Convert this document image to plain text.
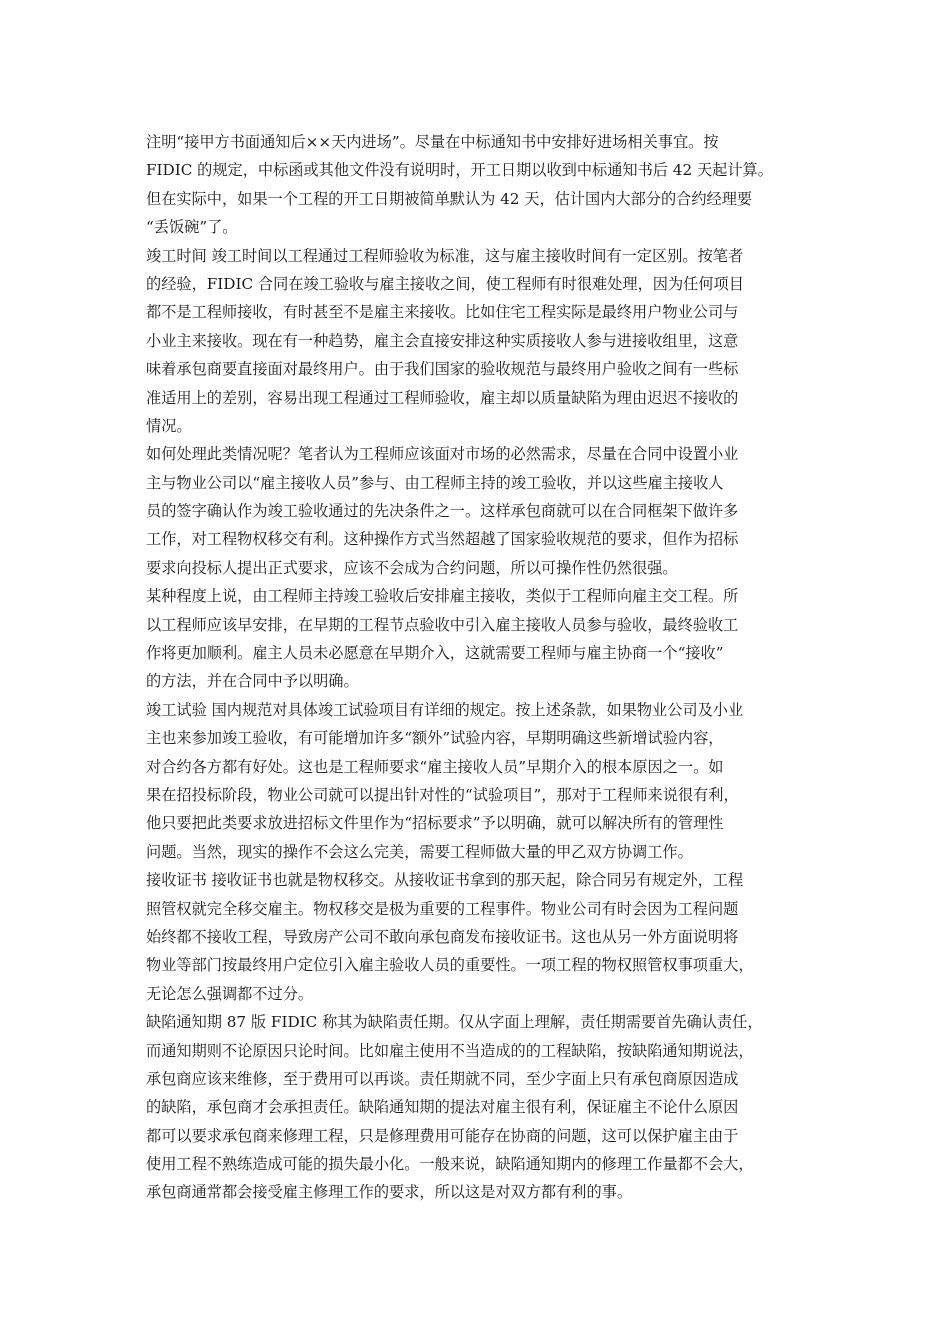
注明“接甲方书面通知后××天内进场”。尽量在中标通知书中安排好进场相关事宜。按
FIDIC 的规定，中标函或其他文件没有说明时，开工日期以收到中标通知书后 42 天起计算。
但在实际中，如果一个工程的开工日期被简单默认为 42 天，估计国内大部分的合约经理要
“丢饭碗”了。
竣工时间 竣工时间以工程通过工程师验收为标准，这与雇主接收时间有一定区别。按笔者
的经验，FIDIC 合同在竣工验收与雇主接收之间，使工程师有时很难处理，因为任何项目
都不是工程师接收，有时甚至不是雇主来接收。比如住宅工程实际是最终用户物业公司与
小业主来接收。现在有一种趋势，雇主会直接安排这种实质接收人参与进接收组里，这意
味着承包商要直接面对最终用户。由于我们国家的验收规范与最终用户验收之间有一些标
准适用上的差别，容易出现工程通过工程师验收，雇主却以质量缺陷为理由迟迟不接收的
情况。
如何处理此类情况呢？笔者认为工程师应该面对市场的必然需求，尽量在合同中设置小业
主与物业公司以“雇主接收人员”参与、由工程师主持的竣工验收，并以这些雇主接收人
员的签字确认作为竣工验收通过的先决条件之一。这样承包商就可以在合同框架下做许多
工作，对工程物权移交有利。这种操作方式当然超越了国家验收规范的要求，但作为招标
要求向投标人提出正式要求，应该不会成为合约问题，所以可操作性仍然很强。
某种程度上说，由工程师主持竣工验收后安排雇主接收，类似于工程师向雇主交工程。所
以工程师应该早安排，在早期的工程节点验收中引入雇主接收人员参与验收，最终验收工
作将更加顺利。雇主人员未必愿意在早期介入，这就需要工程师与雇主协商一个“接收”
的方法，并在合同中予以明确。
竣工试验 国内规范对具体竣工试验项目有详细的规定。按上述条款，如果物业公司及小业
主也来参加竣工验收，有可能增加许多“额外”试验内容，早期明确这些新增试验内容，
对合约各方都有好处。这也是工程师要求“雇主接收人员”早期介入的根本原因之一。如
果在招投标阶段，物业公司就可以提出针对性的“试验项目”，那对于工程师来说很有利，
他只要把此类要求放进招标文件里作为“招标要求”予以明确，就可以解决所有的管理性
问题。当然，现实的操作不会这么完美，需要工程师做大量的甲乙双方协调工作。
接收证书 接收证书也就是物权移交。从接收证书拿到的那天起，除合同另有规定外，工程
照管权就完全移交雇主。物权移交是极为重要的工程事件。物业公司有时会因为工程问题
始终都不接收工程，导致房产公司不敢向承包商发布接收证书。这也从另一外方面说明将
物业等部门按最终用户定位引入雇主验收人员的重要性。一项工程的物权照管权事项重大，
无论怎么强调都不过分。
缺陷通知期 87 版 FIDIC 称其为缺陷责任期。仅从字面上理解，责任期需要首先确认责任，
而通知期则不论原因只论时间。比如雇主使用不当造成的的工程缺陷，按缺陷通知期说法，
承包商应该来维修，至于费用可以再谈。责任期就不同，至少字面上只有承包商原因造成
的缺陷，承包商才会承担责任。缺陷通知期的提法对雇主很有利，保证雇主不论什么原因
都可以要求承包商来修理工程，只是修理费用可能存在协商的问题，这可以保护雇主由于
使用工程不熟练造成可能的损失最小化。一般来说，缺陷通知期内的修理工作量都不会大，
承包商通常都会接受雇主修理工作的要求，所以这是对双方都有利的事。
